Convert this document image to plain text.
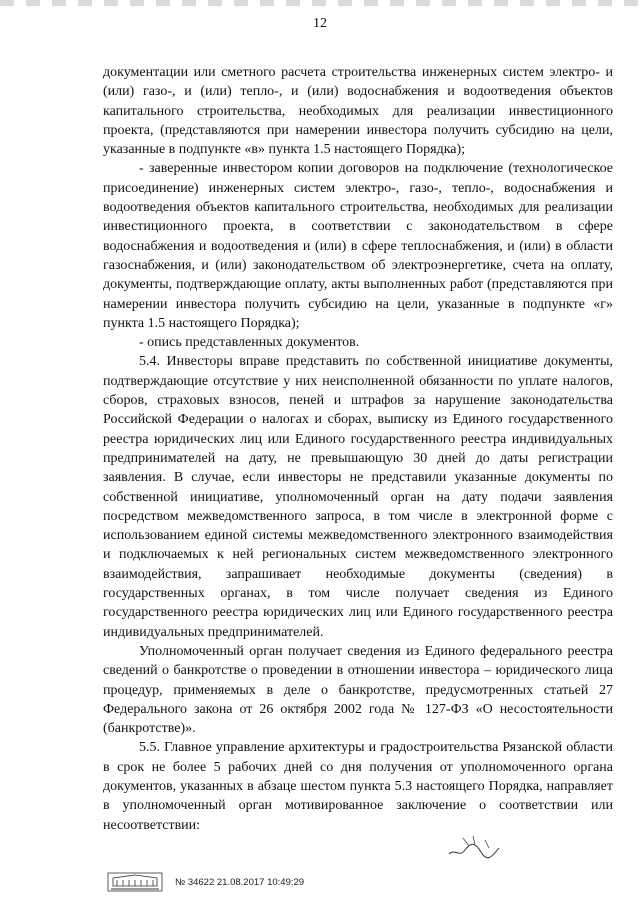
12

документации или сметного расчета строительства инженерных систем электро- и (или) газо-, и (или) тепло-, и (или) водоснабжения и водоотведения объектов капитального строительства, необходимых для реализации инвестиционного проекта, (представляются при намерении инвестора получить субсидию на цели, указанные в подпункте «в» пункта 1.5 настоящего Порядка);

- заверенные инвестором копии договоров на подключение (технологическое присоединение) инженерных систем электро-, газо-, тепло-, водоснабжения и водоотведения объектов капитального строительства, необходимых для реализации инвестиционного проекта, в соответствии с законодательством в сфере водоснабжения и водоотведения и (или) в сфере теплоснабжения, и (или) в области газоснабжения, и (или) законодательством об электроэнергетике, счета на оплату, документы, подтверждающие оплату, акты выполненных работ (представляются при намерении инвестора получить субсидию на цели, указанные в подпункте «г» пункта 1.5 настоящего Порядка);

- опись представленных документов.

5.4. Инвесторы вправе представить по собственной инициативе документы, подтверждающие отсутствие у них неисполненной обязанности по уплате налогов, сборов, страховых взносов, пеней и штрафов за нарушение законодательства Российской Федерации о налогах и сборах, выписку из Единого государственного реестра юридических лиц или Единого государственного реестра индивидуальных предпринимателей на дату, не превышающую 30 дней до даты регистрации заявления. В случае, если инвесторы не представили указанные документы по собственной инициативе, уполномоченный орган на дату подачи заявления посредством межведомственного запроса, в том числе в электронной форме с использованием единой системы межведомственного электронного взаимодействия и подключаемых к ней региональных систем межведомственного электронного взаимодействия, запрашивает необходимые документы (сведения) в государственных органах, в том числе получает сведения из Единого государственного реестра юридических лиц или Единого государственного реестра индивидуальных предпринимателей.

Уполномоченный орган получает сведения из Единого федерального реестра сведений о банкротстве о проведении в отношении инвестора – юридического лица процедур, применяемых в деле о банкротстве, предусмотренных статьей 27 Федерального закона от 26 октября 2002 года № 127-ФЗ «О несостоятельности (банкротстве)».

5.5. Главное управление архитектуры и градостроительства Рязанской области в срок не более 5 рабочих дней со дня получения от уполномоченного органа документов, указанных в абзаце шестом пункта 5.3 настоящего Порядка, направляет в уполномоченный орган мотивированное заключение о соответствии или несоответствии:

№ 34622 21.08.2017 10:49:29
